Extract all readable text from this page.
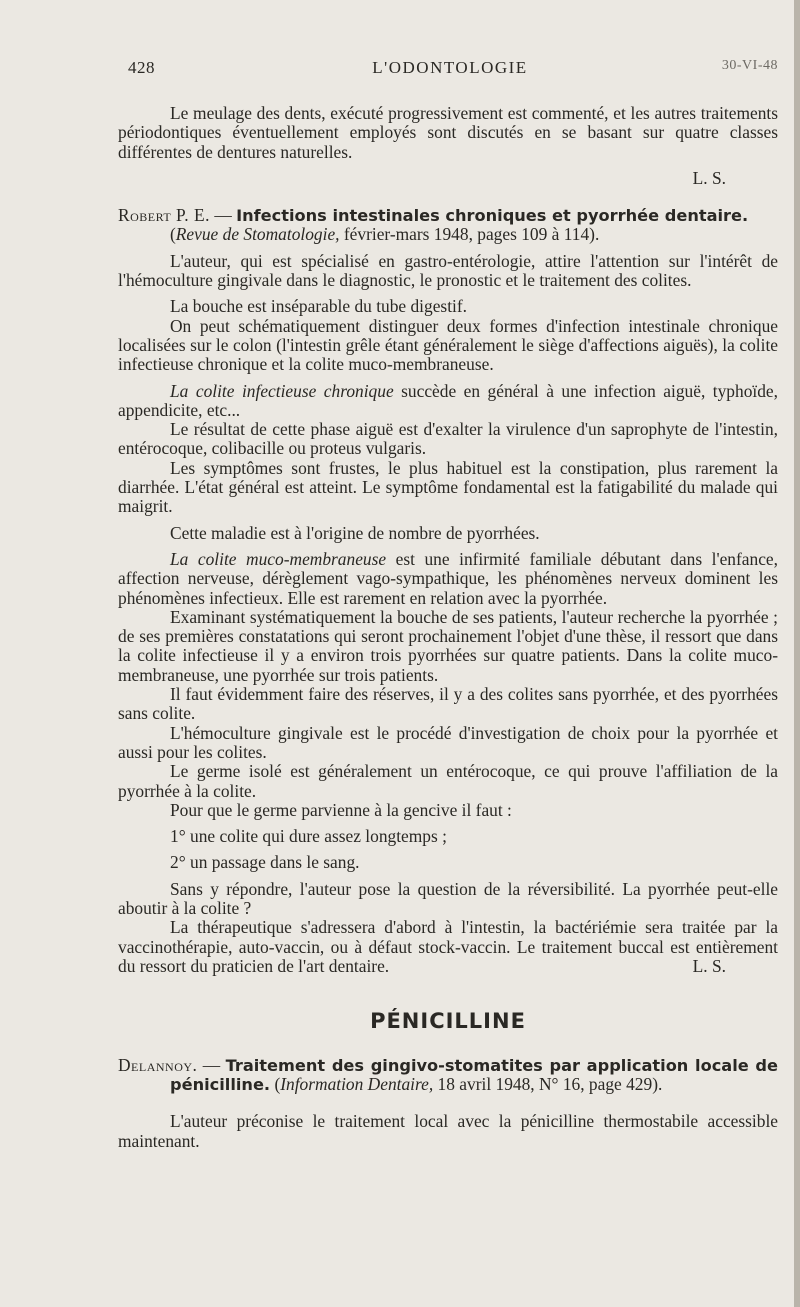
428	L'ODONTOLOGIE	30-VI-48

Le meulage des dents, exécuté progressivement est commenté, et les autres traitements périodontiques éventuellement employés sont discutés en se basant sur quatre classes différentes de dentures naturelles.

L. S.

Robert P. E. — Infections intestinales chroniques et pyorrhée dentaire.
(Revue de Stomatologie, février-mars 1948, pages 109 à 114).

L'auteur, qui est spécialisé en gastro-entérologie, attire l'attention sur l'intérêt de l'hémoculture gingivale dans le diagnostic, le pronostic et le traitement des colites.

La bouche est inséparable du tube digestif.

On peut schématiquement distinguer deux formes d'infection intestinale chronique localisées sur le colon (l'intestin grêle étant généralement le siège d'affections aiguës), la colite infectieuse chronique et la colite muco-membraneuse.

La colite infectieuse chronique succède en général à une infection aiguë, typhoïde, appendicite, etc...

Le résultat de cette phase aiguë est d'exalter la virulence d'un saprophyte de l'intestin, entérocoque, colibacille ou proteus vulgaris.

Les symptômes sont frustes, le plus habituel est la constipation, plus rarement la diarrhée. L'état général est atteint. Le symptôme fondamental est la fatigabilité du malade qui maigrit.

Cette maladie est à l'origine de nombre de pyorrhées.

La colite muco-membraneuse est une infirmité familiale débutant dans l'enfance, affection nerveuse, dérèglement vago-sympathique, les phénomènes nerveux dominent les phénomènes infectieux. Elle est rarement en relation avec la pyorrhée.

Examinant systématiquement la bouche de ses patients, l'auteur recherche la pyorrhée ; de ses premières constatations qui seront prochainement l'objet d'une thèse, il ressort que dans la colite infectieuse il y a environ trois pyorrhées sur quatre patients. Dans la colite muco-membraneuse, une pyorrhée sur trois patients.

Il faut évidemment faire des réserves, il y a des colites sans pyorrhée, et des pyorrhées sans colite.

L'hémoculture gingivale est le procédé d'investigation de choix pour la pyorrhée et aussi pour les colites.

Le germe isolé est généralement un entérocoque, ce qui prouve l'affiliation de la pyorrhée à la colite.

Pour que le germe parvienne à la gencive il faut :

1° une colite qui dure assez longtemps ;

2° un passage dans le sang.

Sans y répondre, l'auteur pose la question de la réversibilité. La pyorrhée peut-elle aboutir à la colite ?

La thérapeutique s'adressera d'abord à l'intestin, la bactériémie sera traitée par la vaccinothérapie, auto-vaccin, ou à défaut stock-vaccin. Le traitement buccal est entièrement du ressort du praticien de l'art dentaire.	L. S.

PÉNICILLINE

Delannoy. — Traitement des gingivo-stomatites par application locale de pénicilline. (Information Dentaire, 18 avril 1948, N° 16, page 429).

L'auteur préconise le traitement local avec la pénicilline thermostabile accessible maintenant.
